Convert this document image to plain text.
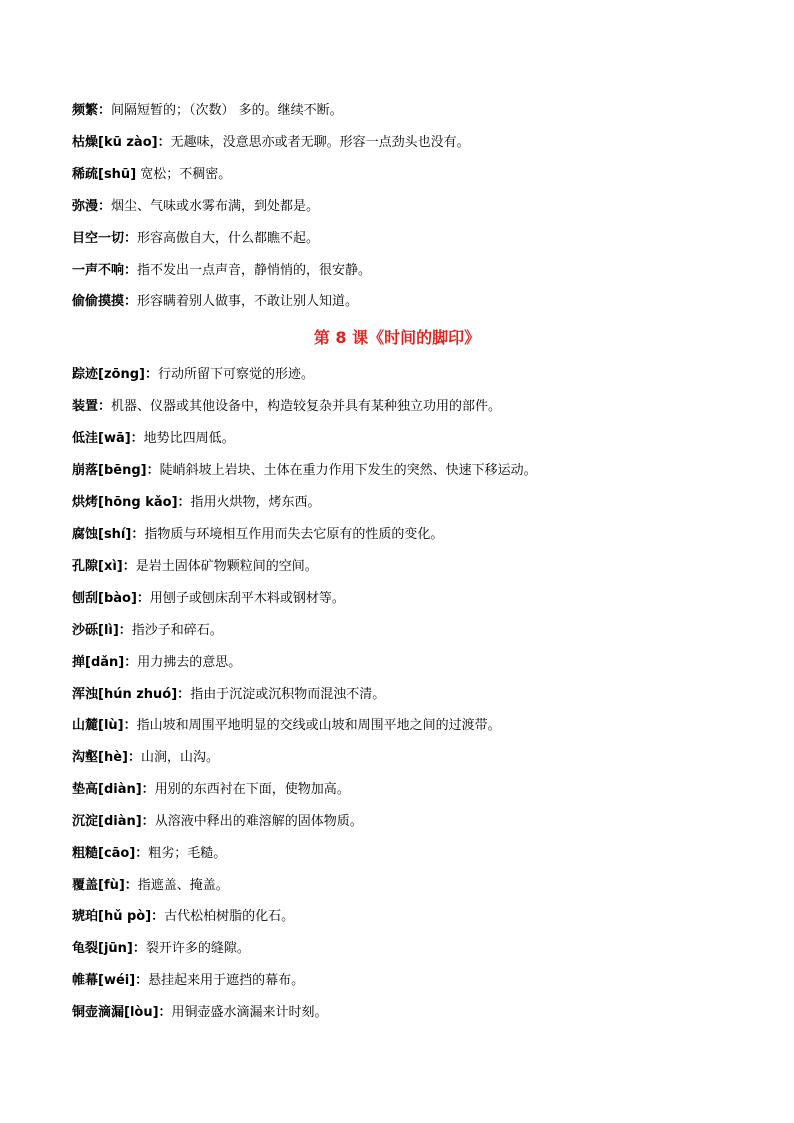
频繁：间隔短暂的；（次数） 多的。继续不断。
枯燥[kū zào]：无趣味，没意思亦或者无聊。形容一点劲头也没有。
稀疏[shū] 宽松；不稠密。
弥漫：烟尘、气味或水雾布满，到处都是。
目空一切：形容高傲自大，什么都瞧不起。
一声不响：指不发出一点声音，静悄悄的，很安静。
偷偷摸摸：形容瞒着别人做事，不敢让别人知道。
第 8 课《时间的脚印》
踪迹[zōng]：行动所留下可察觉的形迹。
装置：机器、仪器或其他设备中，构造较复杂并具有某种独立功用的部件。
低洼[wā]：地势比四周低。
崩落[bēng]：陡峭斜坡上岩块、土体在重力作用下发生的突然、快速下移运动。
烘烤[hōng kǎo]：指用火烘物，烤东西。
腐蚀[shí]：指物质与环境相互作用而失去它原有的性质的变化。
孔隙[xì]：是岩土固体矿物颗粒间的空间。
刨刮[bào]：用刨子或刨床刮平木料或钢材等。
沙砾[lì]：指沙子和碎石。
掸[dǎn]：用力拂去的意思。
浑浊[hún zhuó]：指由于沉淀或沉积物而混浊不清。
山麓[lù]：指山坡和周围平地明显的交线或山坡和周围平地之间的过渡带。
沟壑[hè]：山涧，山沟。
垫高[diàn]：用别的东西衬在下面，使物加高。
沉淀[diàn]：从溶液中释出的难溶解的固体物质。
粗糙[cāo]：粗劣；毛糙。
覆盖[fù]：指遮盖、掩盖。
琥珀[hǔ pò]：古代松柏树脂的化石。
龟裂[jūn]：裂开许多的缝隙。
帷幕[wéi]：悬挂起来用于遮挡的幕布。
铜壶滴漏[lòu]：用铜壶盛水滴漏来计时刻。
